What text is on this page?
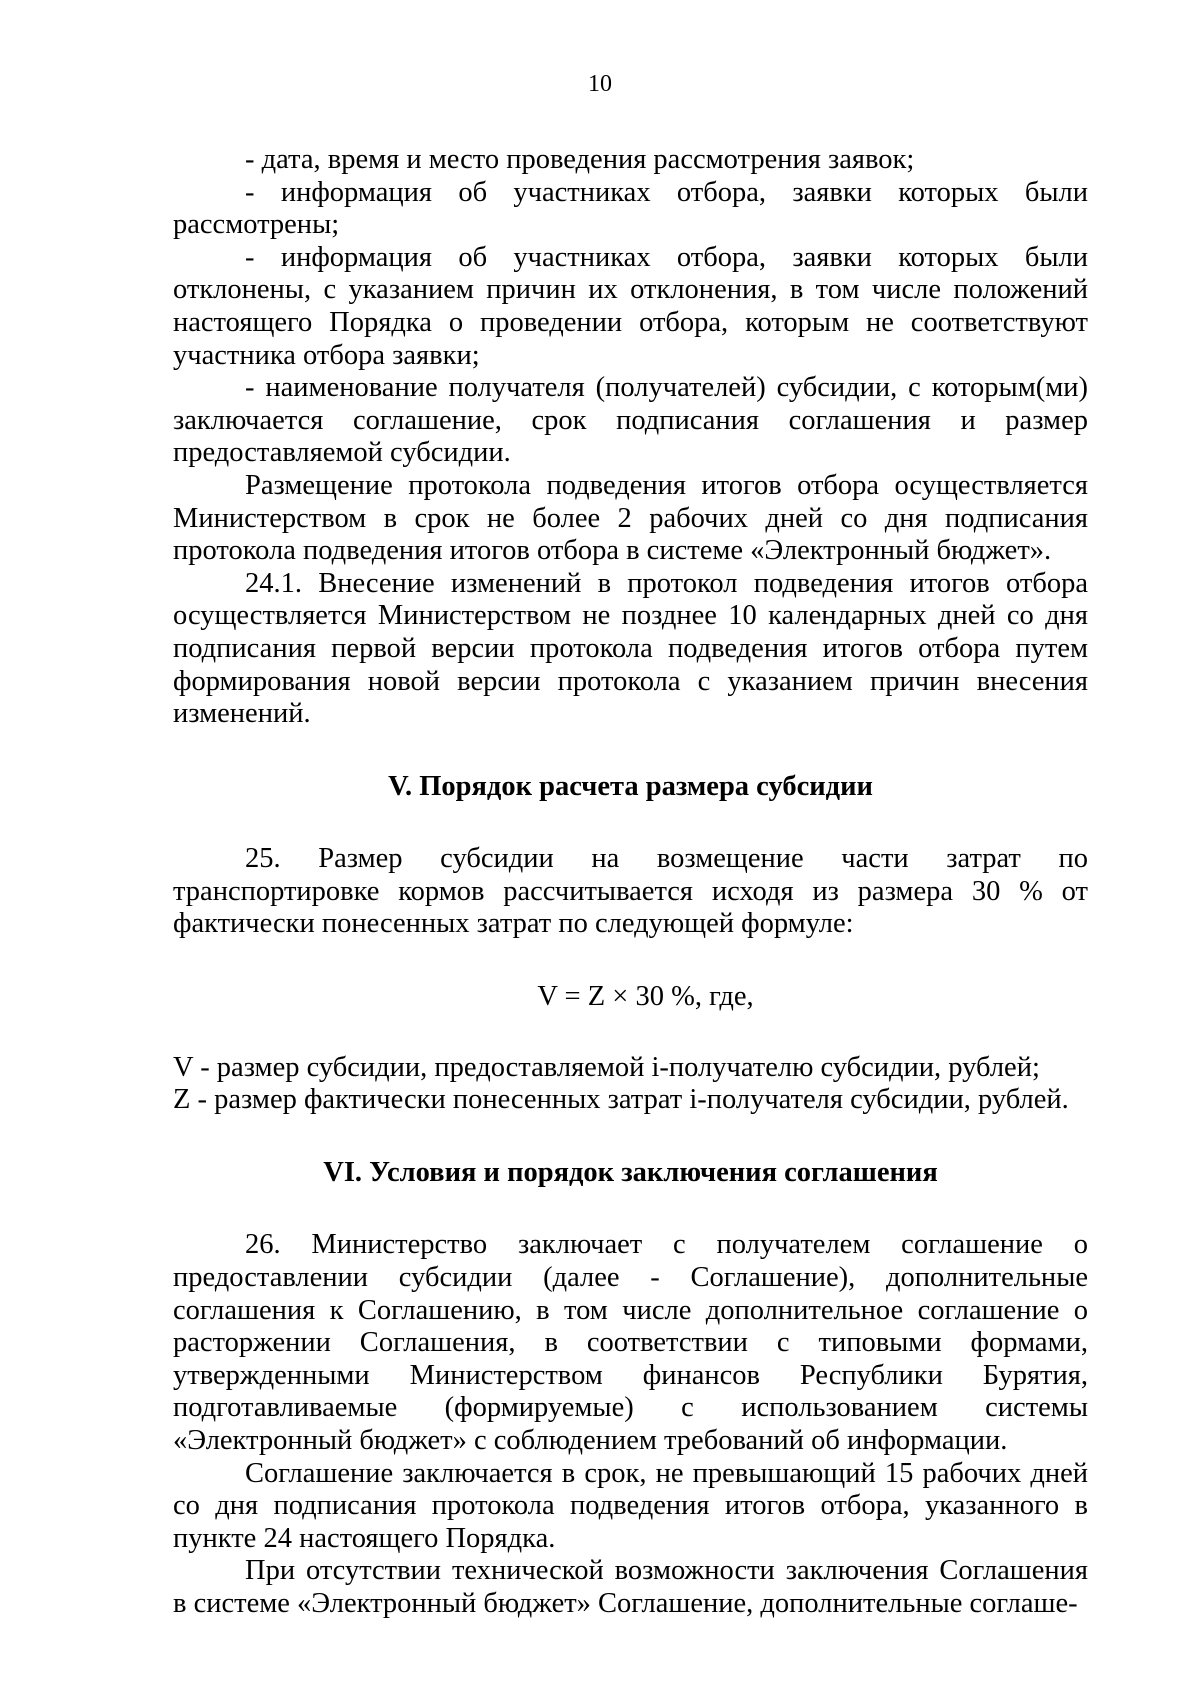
10

- дата, время и место проведения рассмотрения заявок;

- информация об участниках отбора, заявки которых были рассмотрены;

- информация об участниках отбора, заявки которых были отклонены, с указанием причин их отклонения, в том числе положений настоящего Порядка о проведении отбора, которым не соответствуют участника отбора заявки;

- наименование получателя (получателей) субсидии, с которым(ми) заключается соглашение, срок подписания соглашения и размер предоставляемой субсидии.

Размещение протокола подведения итогов отбора осуществляется Министерством в срок не более 2 рабочих дней со дня подписания протокола подведения итогов отбора в системе «Электронный бюджет».

24.1. Внесение изменений в протокол подведения итогов отбора осуществляется Министерством не позднее 10 календарных дней со дня подписания первой версии протокола подведения итогов отбора путем формирования новой версии протокола с указанием причин внесения изменений.

V. Порядок расчета размера субсидии

25. Размер субсидии на возмещение части затрат по транспортировке кормов рассчитывается исходя из размера 30 % от фактически понесенных затрат по следующей формуле:

V = Z × 30 %, где,

V - размер субсидии, предоставляемой i-получателю субсидии, рублей;

Z - размер фактически понесенных затрат i-получателя субсидии, рублей.

VI. Условия и порядок заключения соглашения

26. Министерство заключает с получателем соглашение о предоставлении субсидии (далее - Соглашение), дополнительные соглашения к Соглашению, в том числе дополнительное соглашение о расторжении Соглашения, в соответствии с типовыми формами, утвержденными Министерством финансов Республики Бурятия, подготавливаемые (формируемые) с использованием системы «Электронный бюджет» с соблюдением требований об информации.

Соглашение заключается в срок, не превышающий 15 рабочих дней со дня подписания протокола подведения итогов отбора, указанного в пункте 24 настоящего Порядка.

При отсутствии технической возможности заключения Соглашения в системе «Электронный бюджет» Соглашение, дополнительные соглаше-
